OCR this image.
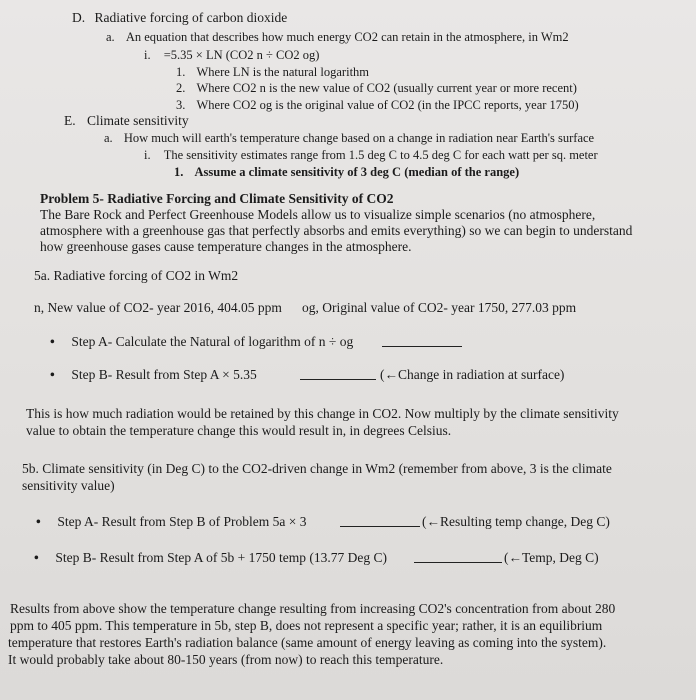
D. Radiative forcing of carbon dioxide
a. An equation that describes how much energy CO2 can retain in the atmosphere, in Wm2
i. =5.35 × LN (CO2 n ÷ CO2 og)
1. Where LN is the natural logarithm
2. Where CO2 n is the new value of CO2 (usually current year or more recent)
3. Where CO2 og is the original value of CO2 (in the IPCC reports, year 1750)
E. Climate sensitivity
a. How much will earth's temperature change based on a change in radiation near Earth's surface
i. The sensitivity estimates range from 1.5 deg C to 4.5 deg C for each watt per sq. meter
1. Assume a climate sensitivity of 3 deg C (median of the range)
Problem 5- Radiative Forcing and Climate Sensitivity of CO2
The Bare Rock and Perfect Greenhouse Models allow us to visualize simple scenarios (no atmosphere,
atmosphere with a greenhouse gas that perfectly absorbs and emits everything) so we can begin to understand
how greenhouse gases cause temperature changes in the atmosphere.
5a. Radiative forcing of CO2 in Wm2
n, New value of CO2- year 2016, 404.05 ppm og, Original value of CO2- year 1750, 277.03 ppm
• Step A- Calculate the Natural of logarithm of n ÷ og
• Step B- Result from Step A × 5.35	(←Change in radiation at surface)
This is how much radiation would be retained by this change in CO2. Now multiply by the climate sensitivity
value to obtain the temperature change this would result in, in degrees Celsius.
5b. Climate sensitivity (in Deg C) to the CO2-driven change in Wm2 (remember from above, 3 is the climate
sensitivity value)
• Step A- Result from Step B of Problem 5a × 3	(←Resulting temp change, Deg C)
• Step B- Result from Step A of 5b + 1750 temp (13.77 Deg C)	(←Temp, Deg C)
Results from above show the temperature change resulting from increasing CO2's concentration from about 280
ppm to 405 ppm. This temperature in 5b, step B, does not represent a specific year; rather, it is an equilibrium
temperature that restores Earth's radiation balance (same amount of energy leaving as coming into the system).
It would probably take about 80-150 years (from now) to reach this temperature.
